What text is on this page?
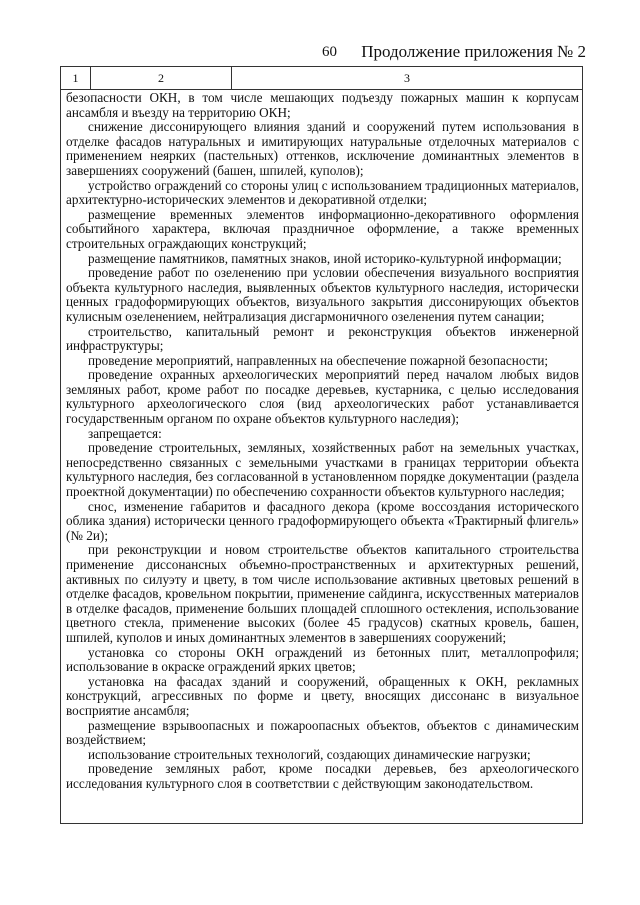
60 Продолжение приложения № 2
1	2	3

безопасности ОКН, в том числе мешающих подъезду пожарных машин к корпусам ансамбля и въезду на территорию ОКН;

снижение диссонирующего влияния зданий и сооружений путем использования в отделке фасадов натуральных и имитирующих натуральные отделочных материалов с применением неярких (пастельных) оттенков, исключение доминантных элементов в завершениях сооружений (башен, шпилей, куполов);

устройство ограждений со стороны улиц с использованием традиционных материалов, архитектурно-исторических элементов и декоративной отделки;

размещение временных элементов информационно-декоративного оформления событийного характера, включая праздничное оформление, а также временных строительных ограждающих конструкций;

размещение памятников, памятных знаков, иной историко-культурной информации;

проведение работ по озеленению при условии обеспечения визуального восприятия объекта культурного наследия, выявленных объектов культурного наследия, исторически ценных градоформирующих объектов, визуального закрытия диссонирующих объектов кулисным озеленением, нейтрализация дисгармоничного озеленения путем санации;

строительство, капитальный ремонт и реконструкция объектов инженерной инфраструктуры;

проведение мероприятий, направленных на обеспечение пожарной безопасности;

проведение охранных археологических мероприятий перед началом любых видов земляных работ, кроме работ по посадке деревьев, кустарника, с целью исследования культурного археологического слоя (вид археологических работ устанавливается государственным органом по охране объектов культурного наследия);

запрещается:

проведение строительных, земляных, хозяйственных работ на земельных участках, непосредственно связанных с земельными участками в границах территории объекта культурного наследия, без согласованной в установленном порядке документации (раздела проектной документации) по обеспечению сохранности объектов культурного наследия;

снос, изменение габаритов и фасадного декора (кроме воссоздания исторического облика здания) исторически ценного градоформирующего объекта «Трактирный флигель» (№ 2и);

при реконструкции и новом строительстве объектов капитального строительства применение диссонансных объемно-пространственных и архитектурных решений, активных по силуэту и цвету, в том числе использование активных цветовых решений в отделке фасадов, кровельном покрытии, применение сайдинга, искусственных материалов в отделке фасадов, применение больших площадей сплошного остекления, использование цветного стекла, применение высоких (более 45 градусов) скатных кровель, башен, шпилей, куполов и иных доминантных элементов в завершениях сооружений;

установка со стороны ОКН ограждений из бетонных плит, металлопрофиля; использование в окраске ограждений ярких цветов;

установка на фасадах зданий и сооружений, обращенных к ОКН, рекламных конструкций, агрессивных по форме и цвету, вносящих диссонанс в визуальное восприятие ансамбля;

размещение взрывоопасных и пожароопасных объектов, объектов с динамическим воздействием;

использование строительных технологий, создающих динамические нагрузки;

проведение земляных работ, кроме посадки деревьев, без археологического исследования культурного слоя в соответствии с действующим законодательством.
